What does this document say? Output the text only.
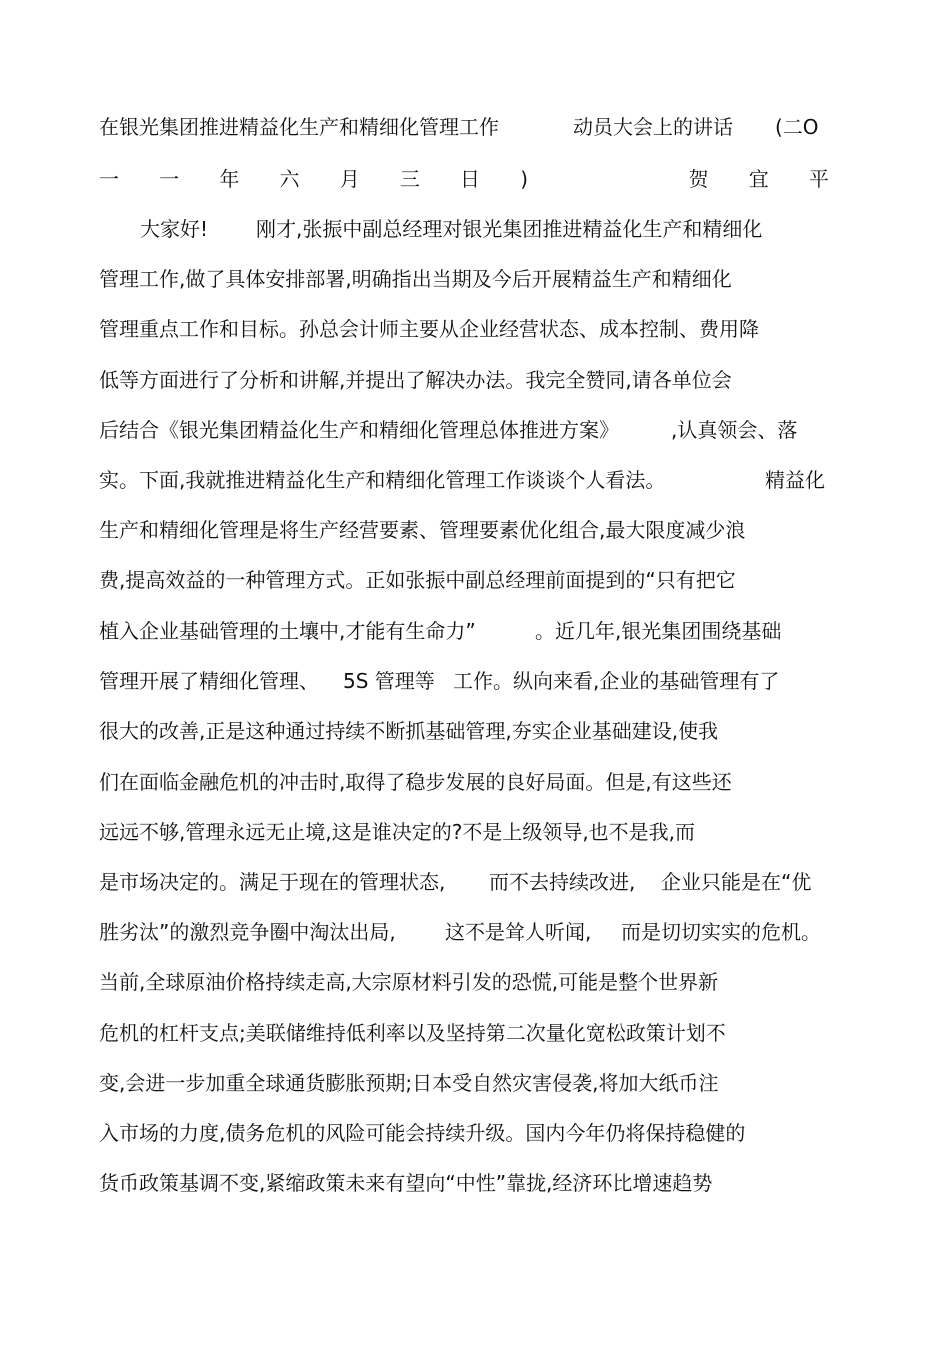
在银光集团推进精益化生产和精细化管理工作	动员大会上的讲话 (二O
一 一 年 六 月 三 日 )	贺 宜 平
大家好! 刚才,张振中副总经理对银光集团推进精益化生产和精细化
管理工作,做了具体安排部署,明确指出当期及今后开展精益生产和精细化
管理重点工作和目标。孙总会计师主要从企业经营状态、成本控制、费用降
低等方面进行了分析和讲解,并提出了解决办法。我完全赞同,请各单位会
后结合《银光集团精益化生产和精细化管理总体推进方案》	,认真领会、落
实。下面,我就推进精益化生产和精细化管理工作谈谈个人看法。	精益化
生产和精细化管理是将生产经营要素、管理要素优化组合,最大限度减少浪
费,提高效益的一种管理方式。正如张振中副总经理前面提到的“只有把它
植入企业基础管理的土壤中,才能有生命力”	。近几年,银光集团围绕基础
管理开展了精细化管理、 5S 管理等 工作。纵向来看,企业的基础管理有了
很大的改善,正是这种通过持续不断抓基础管理,夯实企业基础建设,使我
们在面临金融危机的冲击时,取得了稳步发展的良好局面。但是,有这些还
远远不够,管理永远无止境,这是谁决定的?不是上级领导,也不是我,而
是市场决定的。满足于现在的管理状态, 而不去持续改进, 企业只能是在“优
胜劣汰”的激烈竞争圈中淘汰出局, 这不是耸人听闻, 而是切切实实的危机。
当前,全球原油价格持续走高,大宗原材料引发的恐慌,可能是整个世界新
危机的杠杆支点;美联储维持低利率以及坚持第二次量化宽松政策计划不
变,会进一步加重全球通货膨胀预期;日本受自然灾害侵袭,将加大纸币注
入市场的力度,债务危机的风险可能会持续升级。国内今年仍将保持稳健的
货币政策基调不变,紧缩政策未来有望向“中性”靠拢,经济环比增速趋势
